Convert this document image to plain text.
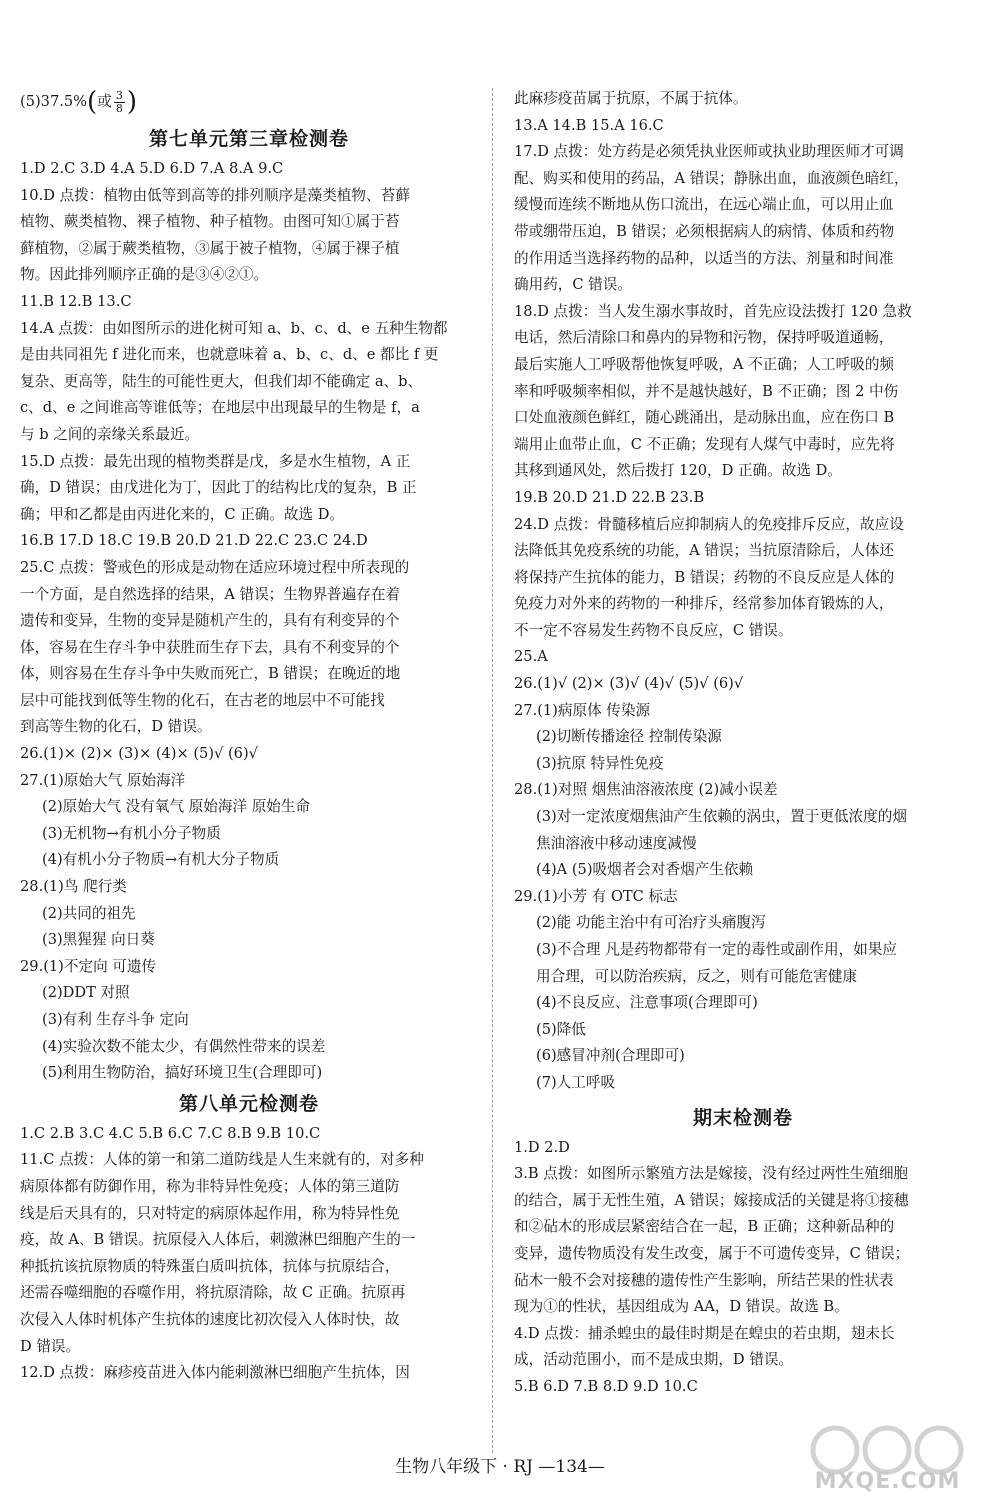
(5)37.5% ( 或 $\frac{3}{8}$ )
第七单元第三章检测卷
1.D 2.C 3.D 4.A 5.D 6.D 7.A 8.A 9.C
10.D 点拨：植物由低等到高等的排列顺序是藻类植物、苔藓
植物、蕨类植物、裸子植物、种子植物。由图可知①属于苔
藓植物，②属于蕨类植物，③属于被子植物，④属于裸子植
物。因此排列顺序正确的是③④②①。
11.B 12.B 13.C
14.A 点拨：由如图所示的进化树可知 a、b、c、d、e 五种生物都
是由共同祖先 f 进化而来，也就意味着 a、b、c、d、e 都比 f 更
复杂、更高等，陆生的可能性更大，但我们却不能确定 a、b、
c、d、e 之间谁高等谁低等；在地层中出现最早的生物是 f，a
与 b 之间的亲缘关系最近。
15.D 点拨：最先出现的植物类群是戊，多是水生植物，A 正
确，D 错误；由戊进化为丁，因此丁的结构比戊的复杂，B 正
确；甲和乙都是由丙进化来的，C 正确。故选 D。
16.B 17.D 18.C 19.B 20.D 21.D 22.C 23.C 24.D
25.C 点拨：警戒色的形成是动物在适应环境过程中所表现的
一个方面，是自然选择的结果，A 错误；生物界普遍存在着
遗传和变异，生物的变异是随机产生的，具有有利变异的个
体，容易在生存斗争中获胜而生存下去，具有不利变异的个
体，则容易在生存斗争中失败而死亡，B 错误；在晚近的地
层中可能找到低等生物的化石，在古老的地层中不可能找
到高等生物的化石，D 错误。
26.(1)× (2)× (3)× (4)× (5)√ (6)√
27.(1)原始大气 原始海洋
(2)原始大气 没有氧气 原始海洋 原始生命
(3)无机物→有机小分子物质
(4)有机小分子物质→有机大分子物质
28.(1)鸟 爬行类
(2)共同的祖先
(3)黑猩猩 向日葵
29.(1)不定向 可遗传
(2)DDT 对照
(3)有利 生存斗争 定向
(4)实验次数不能太少，有偶然性带来的误差
(5)利用生物防治，搞好环境卫生(合理即可)
第八单元检测卷
1.C 2.B 3.C 4.C 5.B 6.C 7.C 8.B 9.B 10.C
11.C 点拨：人体的第一和第二道防线是人生来就有的，对多种
病原体都有防御作用，称为非特异性免疫；人体的第三道防
线是后天具有的，只对特定的病原体起作用，称为特异性免
疫，故 A、B 错误。抗原侵入人体后，刺激淋巴细胞产生的一
种抵抗该抗原物质的特殊蛋白质叫抗体，抗体与抗原结合，
还需吞噬细胞的吞噬作用，将抗原清除，故 C 正确。抗原再
次侵入人体时机体产生抗体的速度比初次侵入人体时快，故
D 错误。
12.D 点拨：麻疹疫苗进入体内能刺激淋巴细胞产生抗体，因
此麻疹疫苗属于抗原，不属于抗体。
13.A 14.B 15.A 16.C
17.D 点拨：处方药是必须凭执业医师或执业助理医师才可调
配、购买和使用的药品，A 错误；静脉出血，血液颜色暗红，
缓慢而连续不断地从伤口流出，在远心端止血，可以用止血
带或绷带压迫，B 错误；必须根据病人的病情、体质和药物
的作用适当选择药物的品种，以适当的方法、剂量和时间准
确用药，C 错误。
18.D 点拨：当人发生溺水事故时，首先应设法拨打 120 急救
电话，然后清除口和鼻内的异物和污物，保持呼吸道通畅，
最后实施人工呼吸帮他恢复呼吸，A 不正确；人工呼吸的频
率和呼吸频率相似，并不是越快越好，B 不正确；图 2 中伤
口处血液颜色鲜红，随心跳涌出，是动脉出血，应在伤口 B
端用止血带止血，C 不正确；发现有人煤气中毒时，应先将
其移到通风处，然后拨打 120，D 正确。故选 D。
19.B 20.D 21.D 22.B 23.B
24.D 点拨：骨髓移植后应抑制病人的免疫排斥反应，故应设
法降低其免疫系统的功能，A 错误；当抗原清除后，人体还
将保持产生抗体的能力，B 错误；药物的不良反应是人体的
免疫力对外来的药物的一种排斥，经常参加体育锻炼的人，
不一定不容易发生药物不良反应，C 错误。
25.A
26.(1)√ (2)× (3)√ (4)√ (5)√ (6)√
27.(1)病原体 传染源
(2)切断传播途径 控制传染源
(3)抗原 特异性免疫
28.(1)对照 烟焦油溶液浓度 (2)减小误差
(3)对一定浓度烟焦油产生依赖的涡虫，置于更低浓度的烟
焦油溶液中移动速度减慢
(4)A (5)吸烟者会对香烟产生依赖
29.(1)小芳 有 OTC 标志
(2)能 功能主治中有可治疗头痛腹泻
(3)不合理 凡是药物都带有一定的毒性或副作用，如果应
用合理，可以防治疾病，反之，则有可能危害健康
(4)不良反应、注意事项(合理即可)
(5)降低
(6)感冒冲剂(合理即可)
(7)人工呼吸
期末检测卷
1.D 2.D
3.B 点拨：如图所示繁殖方法是嫁接，没有经过两性生殖细胞
的结合，属于无性生殖，A 错误；嫁接成活的关键是将①接穗
和②砧木的形成层紧密结合在一起，B 正确；这种新品种的
变异，遗传物质没有发生改变，属于不可遗传变异，C 错误；
砧木一般不会对接穗的遗传性产生影响，所结芒果的性状表
现为①的性状，基因组成为 AA，D 错误。故选 B。
4.D 点拨：捕杀蝗虫的最佳时期是在蝗虫的若虫期，翅未长
成，活动范围小，而不是成虫期，D 错误。
5.B 6.D 7.B 8.D 9.D 10.C
生物八年级下 · RJ —134—
MXQE.COM
